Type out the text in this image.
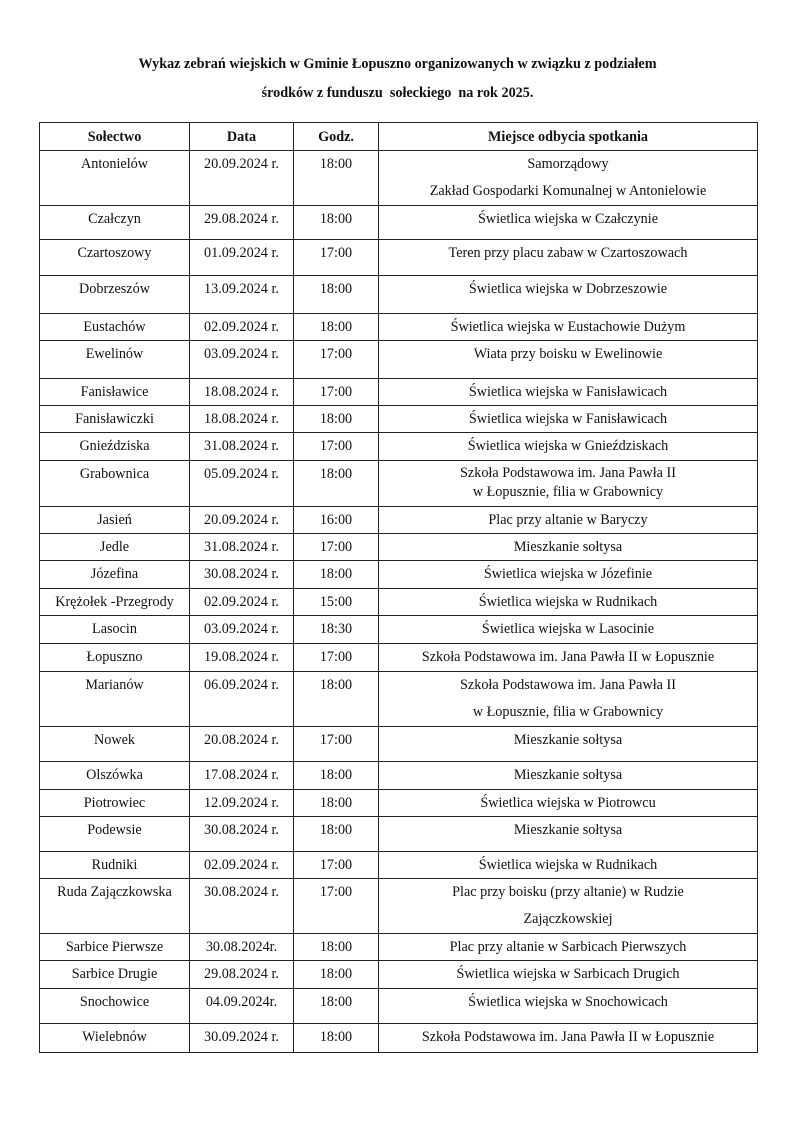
Wykaz zebrań wiejskich w Gminie Łopuszno organizowanych w związku z podziałem
środków z funduszu  sołeckiego  na rok 2025.
Sołectwo	Data	Godz.	Miejsce odbycia spotkania

Antonielów	20.09.2024 r.	18:00	Samorządowy
Zakład Gospodarki Komunalnej w Antonielowie

Czałczyn	29.08.2024 r.	18:00	Świetlica wiejska w Czałczynie

Czartoszowy	01.09.2024 r.	17:00	Teren przy placu zabaw w Czartoszowach

Dobrzeszów	13.09.2024 r.	18:00	Świetlica wiejska w Dobrzeszowie

Eustachów	02.09.2024 r.	18:00	Świetlica wiejska w Eustachowie Dużym

Ewelinów	03.09.2024 r.	17:00	Wiata przy boisku w Ewelinowie

Fanisławice	18.08.2024 r.	17:00	Świetlica wiejska w Fanisławicach

Fanisławiczki	18.08.2024 r.	18:00	Świetlica wiejska w Fanisławicach

Gnieździska	31.08.2024 r.	17:00	Świetlica wiejska w Gnieździskach

Grabownica	05.09.2024 r.	18:00	Szkoła Podstawowa im. Jana Pawła II
w Łopusznie, filia w Grabownicy

Jasień	20.09.2024 r.	16:00	Plac przy altanie w Baryczy

Jedle	31.08.2024 r.	17:00	Mieszkanie sołtysa

Józefina	30.08.2024 r.	18:00	Świetlica wiejska w Józefinie

Krężołek -Przegrody	02.09.2024 r.	15:00	Świetlica wiejska w Rudnikach

Lasocin	03.09.2024 r.	18:30	Świetlica wiejska w Lasocinie

Łopuszno	19.08.2024 r.	17:00	Szkoła Podstawowa im. Jana Pawła II w Łopusznie

Marianów	06.09.2024 r.	18:00	Szkoła Podstawowa im. Jana Pawła II
w Łopusznie, filia w Grabownicy

Nowek	20.08.2024 r.	17:00	Mieszkanie sołtysa

Olszówka	17.08.2024 r.	18:00	Mieszkanie sołtysa

Piotrowiec	12.09.2024 r.	18:00	Świetlica wiejska w Piotrowcu

Podewsie	30.08.2024 r.	18:00	Mieszkanie sołtysa

Rudniki	02.09.2024 r.	17:00	Świetlica wiejska w Rudnikach

Ruda Zajączkowska	30.08.2024 r.	17:00	Plac przy boisku (przy altanie) w Rudzie
Zajączkowskiej

Sarbice Pierwsze	30.08.2024r.	18:00	Plac przy altanie w Sarbicach Pierwszych

Sarbice Drugie	29.08.2024 r.	18:00	Świetlica wiejska w Sarbicach Drugich

Snochowice	04.09.2024r.	18:00	Świetlica wiejska w Snochowicach

Wielebnów	30.09.2024 r.	18:00	Szkoła Podstawowa im. Jana Pawła II w Łopusznie
